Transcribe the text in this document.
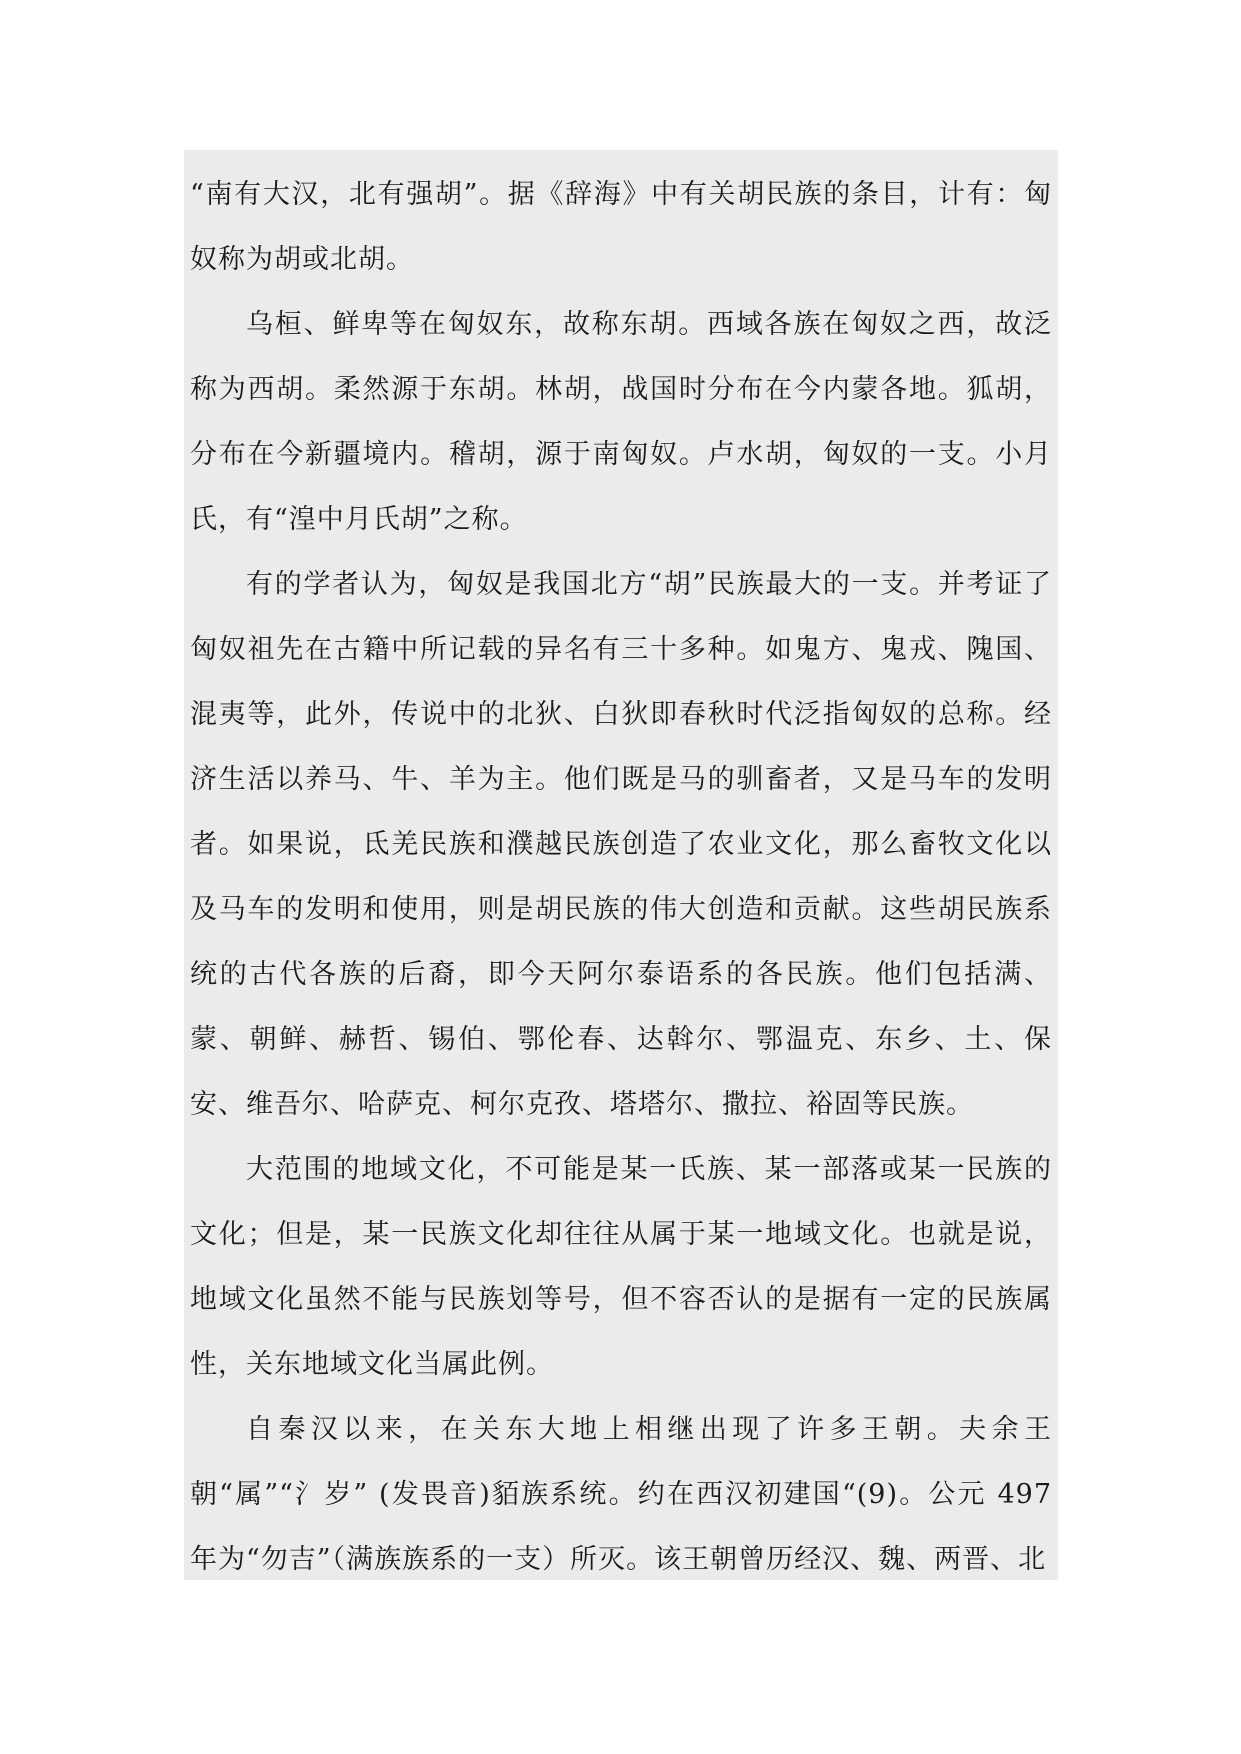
“南有大汉，北有强胡”。据《辞海》中有关胡民族的条目，计有：匈奴称为胡或北胡。

乌桓、鲜卑等在匈奴东，故称东胡。西域各族在匈奴之西，故泛称为西胡。柔然源于东胡。林胡，战国时分布在今内蒙各地。狐胡，分布在今新疆境内。稽胡，源于南匈奴。卢水胡，匈奴的一支。小月氏，有“湟中月氏胡”之称。

有的学者认为，匈奴是我国北方“胡”民族最大的一支。并考证了匈奴祖先在古籍中所记载的异名有三十多种。如鬼方、鬼戎、隗国、混夷等，此外，传说中的北狄、白狄即春秋时代泛指匈奴的总称。经济生活以养马、牛、羊为主。他们既是马的驯畜者，又是马车的发明者。如果说，氐羌民族和濮越民族创造了农业文化，那么畜牧文化以及马车的发明和使用，则是胡民族的伟大创造和贡献。这些胡民族系统的古代各族的后裔，即今天阿尔泰语系的各民族。他们包括满、蒙、朝鲜、赫哲、锡伯、鄂伦春、达斡尔、鄂温克、东乡、土、保安、维吾尔、哈萨克、柯尔克孜、塔塔尔、撒拉、裕固等民族。

大范围的地域文化，不可能是某一氏族、某一部落或某一民族的文化；但是，某一民族文化却往往从属于某一地域文化。也就是说，地域文化虽然不能与民族划等号，但不容否认的是据有一定的民族属性，关东地域文化当属此例。

自秦汉以来，在关东大地上相继出现了许多王朝。夫余王朝“属”“氵岁” (发畏音)貊族系统。约在西汉初建国“(9)。公元 497 年为“勿吉”（满族族系的一支）所灭。该王朝曾历经汉、魏、两晋、北
